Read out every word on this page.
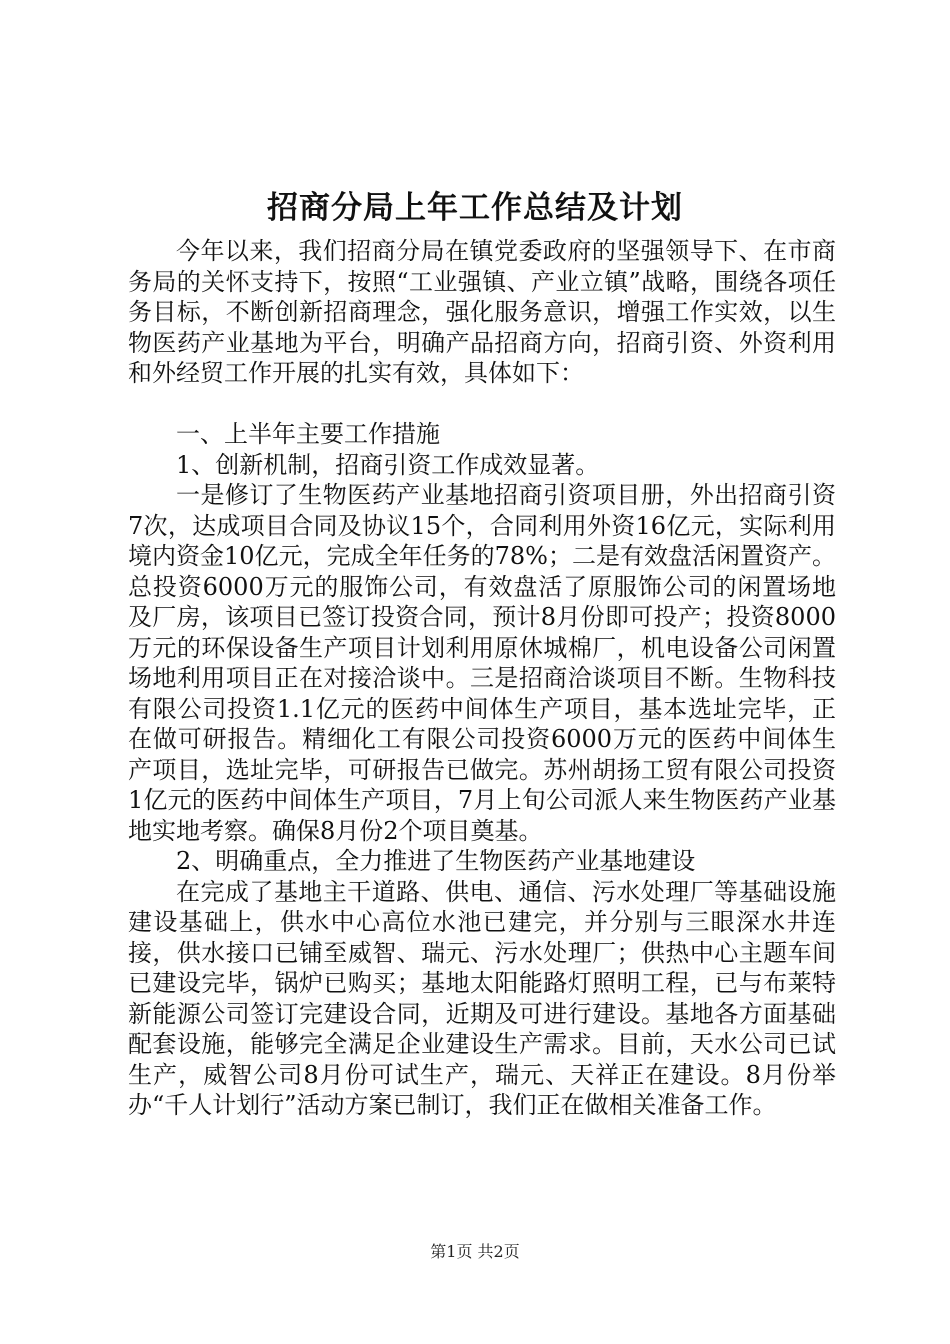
招商分局上年工作总结及计划

今年以来，我们招商分局在镇党委政府的坚强领导下、在市商务局的关怀支持下，按照“工业强镇、产业立镇”战略，围绕各项任务目标，不断创新招商理念，强化服务意识，增强工作实效，以生物医药产业基地为平台，明确产品招商方向，招商引资、外资利用和外经贸工作开展的扎实有效，具体如下：

一、上半年主要工作措施

1、创新机制，招商引资工作成效显著。

一是修订了生物医药产业基地招商引资项目册，外出招商引资7次，达成项目合同及协议15个，合同利用外资16亿元，实际利用境内资金10亿元，完成全年任务的78%；二是有效盘活闲置资产。总投资6000万元的服饰公司，有效盘活了原服饰公司的闲置场地及厂房，该项目已签订投资合同，预计8月份即可投产；投资8000万元的环保设备生产项目计划利用原休城棉厂，机电设备公司闲置场地利用项目正在对接洽谈中。三是招商洽谈项目不断。生物科技有限公司投资1.1亿元的医药中间体生产项目，基本选址完毕，正在做可研报告。精细化工有限公司投资6000万元的医药中间体生产项目，选址完毕，可研报告已做完。苏州胡扬工贸有限公司投资1亿元的医药中间体生产项目，7月上旬公司派人来生物医药产业基地实地考察。确保8月份2个项目奠基。

2、明确重点，全力推进了生物医药产业基地建设

在完成了基地主干道路、供电、通信、污水处理厂等基础设施建设基础上，供水中心高位水池已建完，并分别与三眼深水井连接，供水接口已铺至威智、瑞元、污水处理厂；供热中心主题车间已建设完毕，锅炉已购买；基地太阳能路灯照明工程，已与布莱特新能源公司签订完建设合同，近期及可进行建设。基地各方面基础配套设施，能够完全满足企业建设生产需求。目前，天水公司已试生产，威智公司8月份可试生产，瑞元、天祥正在建设。8月份举办“千人计划行”活动方案已制订，我们正在做相关准备工作。

第1页 共2页
